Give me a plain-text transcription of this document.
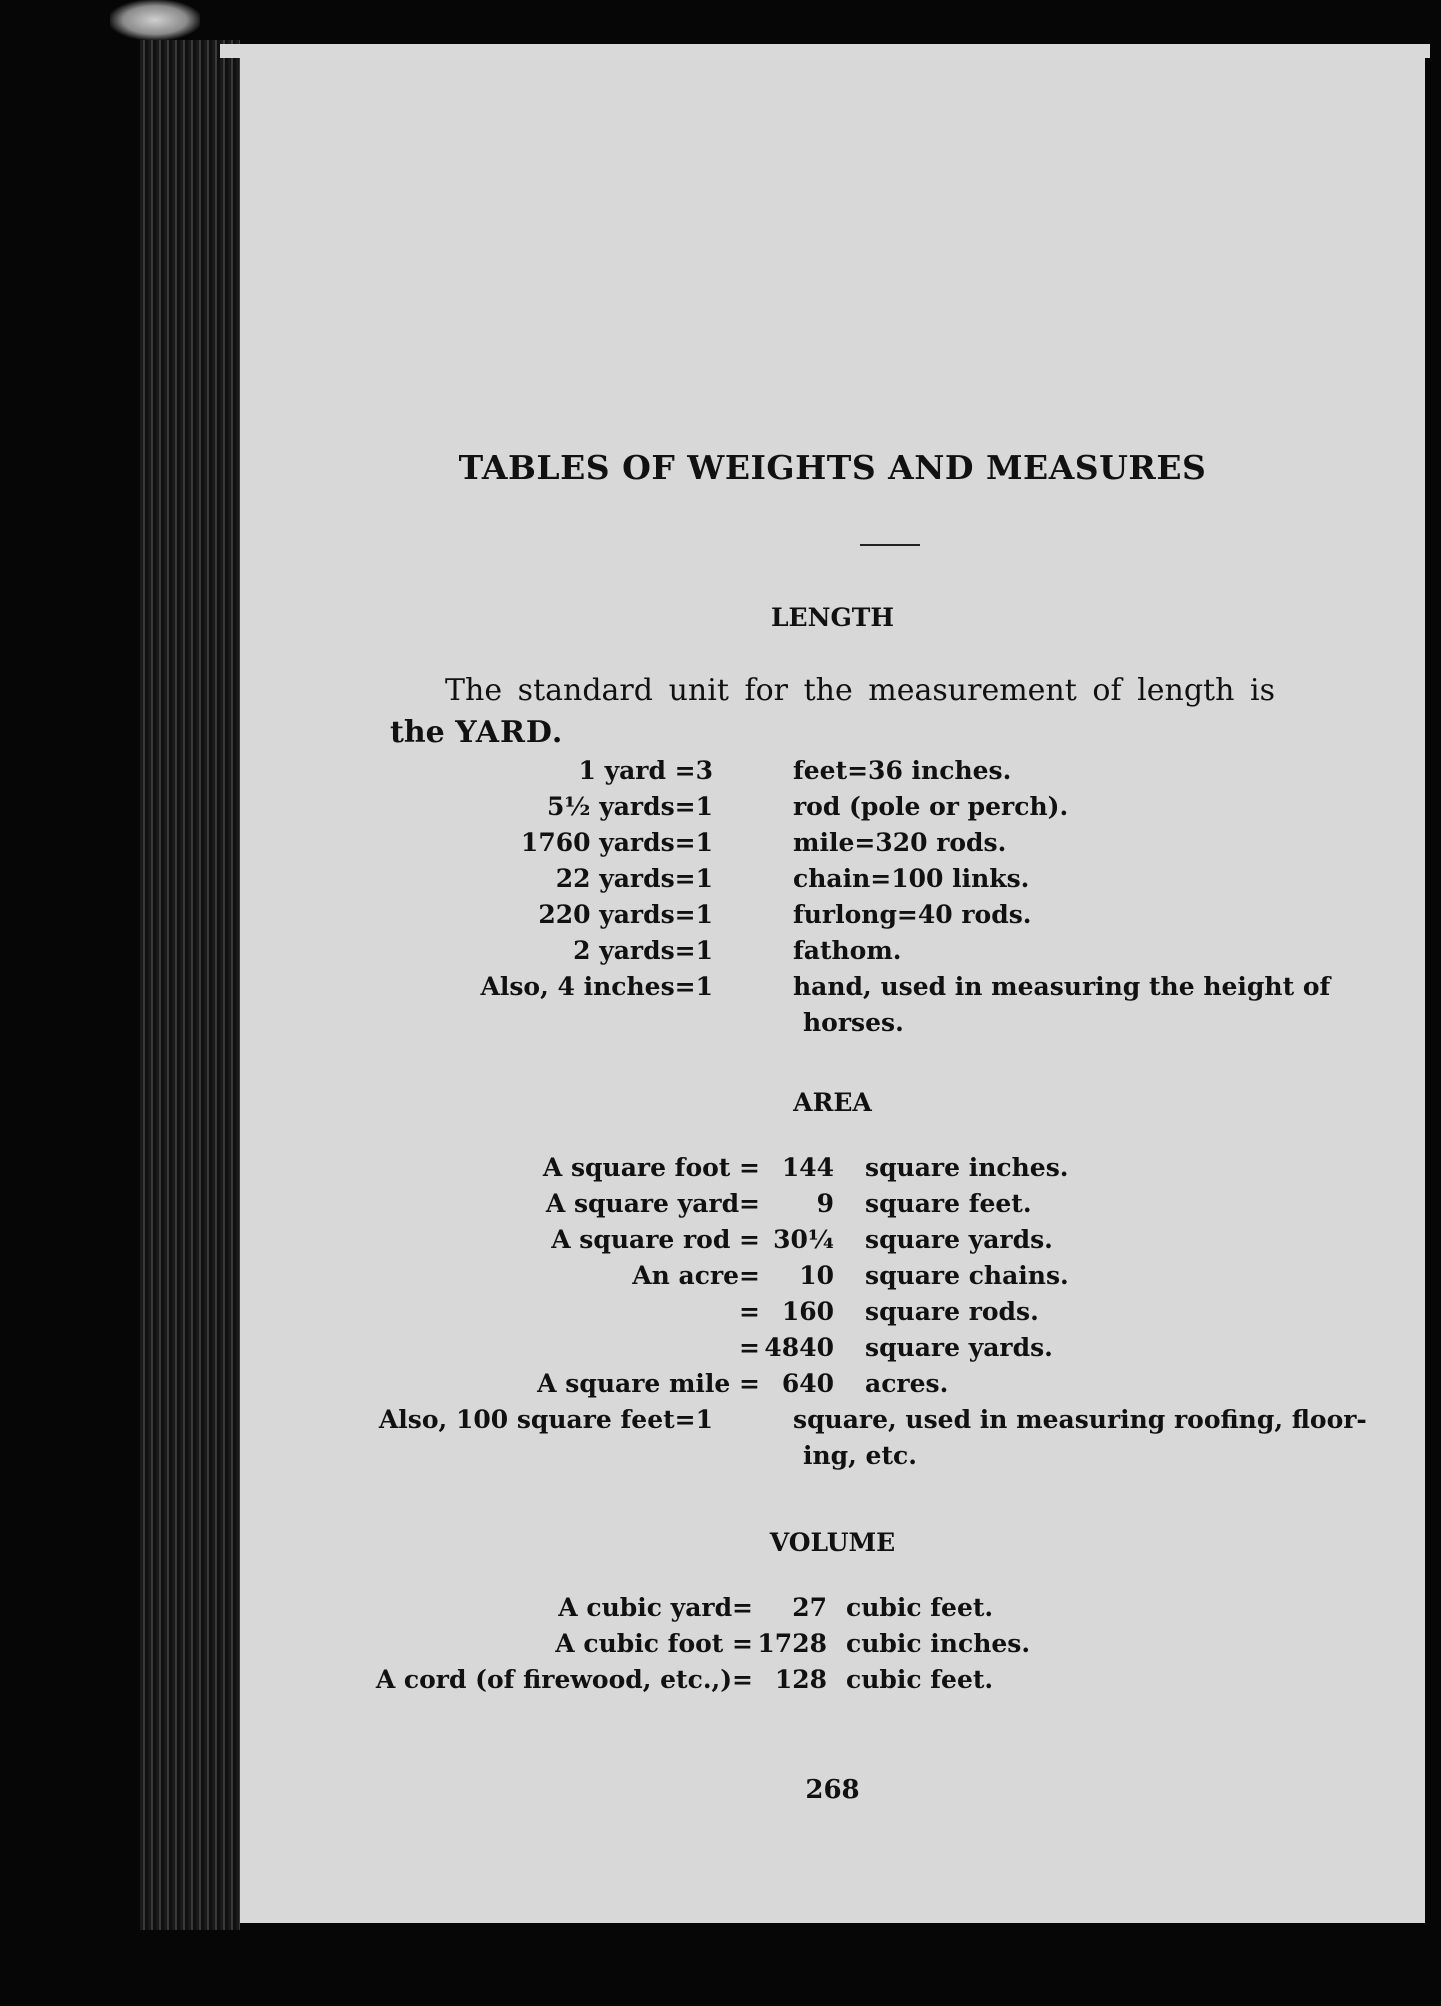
TABLES OF WEIGHTS AND MEASURES
LENGTH
The standard unit for the measurement of length is
the YARD.
1 yard =3	feet=36 inches.
5½ yards=1	rod (pole or perch).
1760 yards=1	mile=320 rods.
22 yards=1	chain=100 links.
220 yards=1	furlong=40 rods.
2 yards=1	fathom.
Also, 4 inches=1	hand, used in measuring the height of
horses.
AREA
A square foot = 144 square inches.
A square yard= 9 square feet.
A square rod = 30¼ square yards.
An acre= 10 square chains.
= 160 square rods.
= 4840 square yards.
A square mile = 640 acres.
Also, 100 square feet=1	square, used in measuring roofing, floor-
ing, etc.
VOLUME
A cubic yard= 27 cubic feet.
A cubic foot = 1728 cubic inches.
A cord (of firewood, etc.,)= 128 cubic feet.
268
